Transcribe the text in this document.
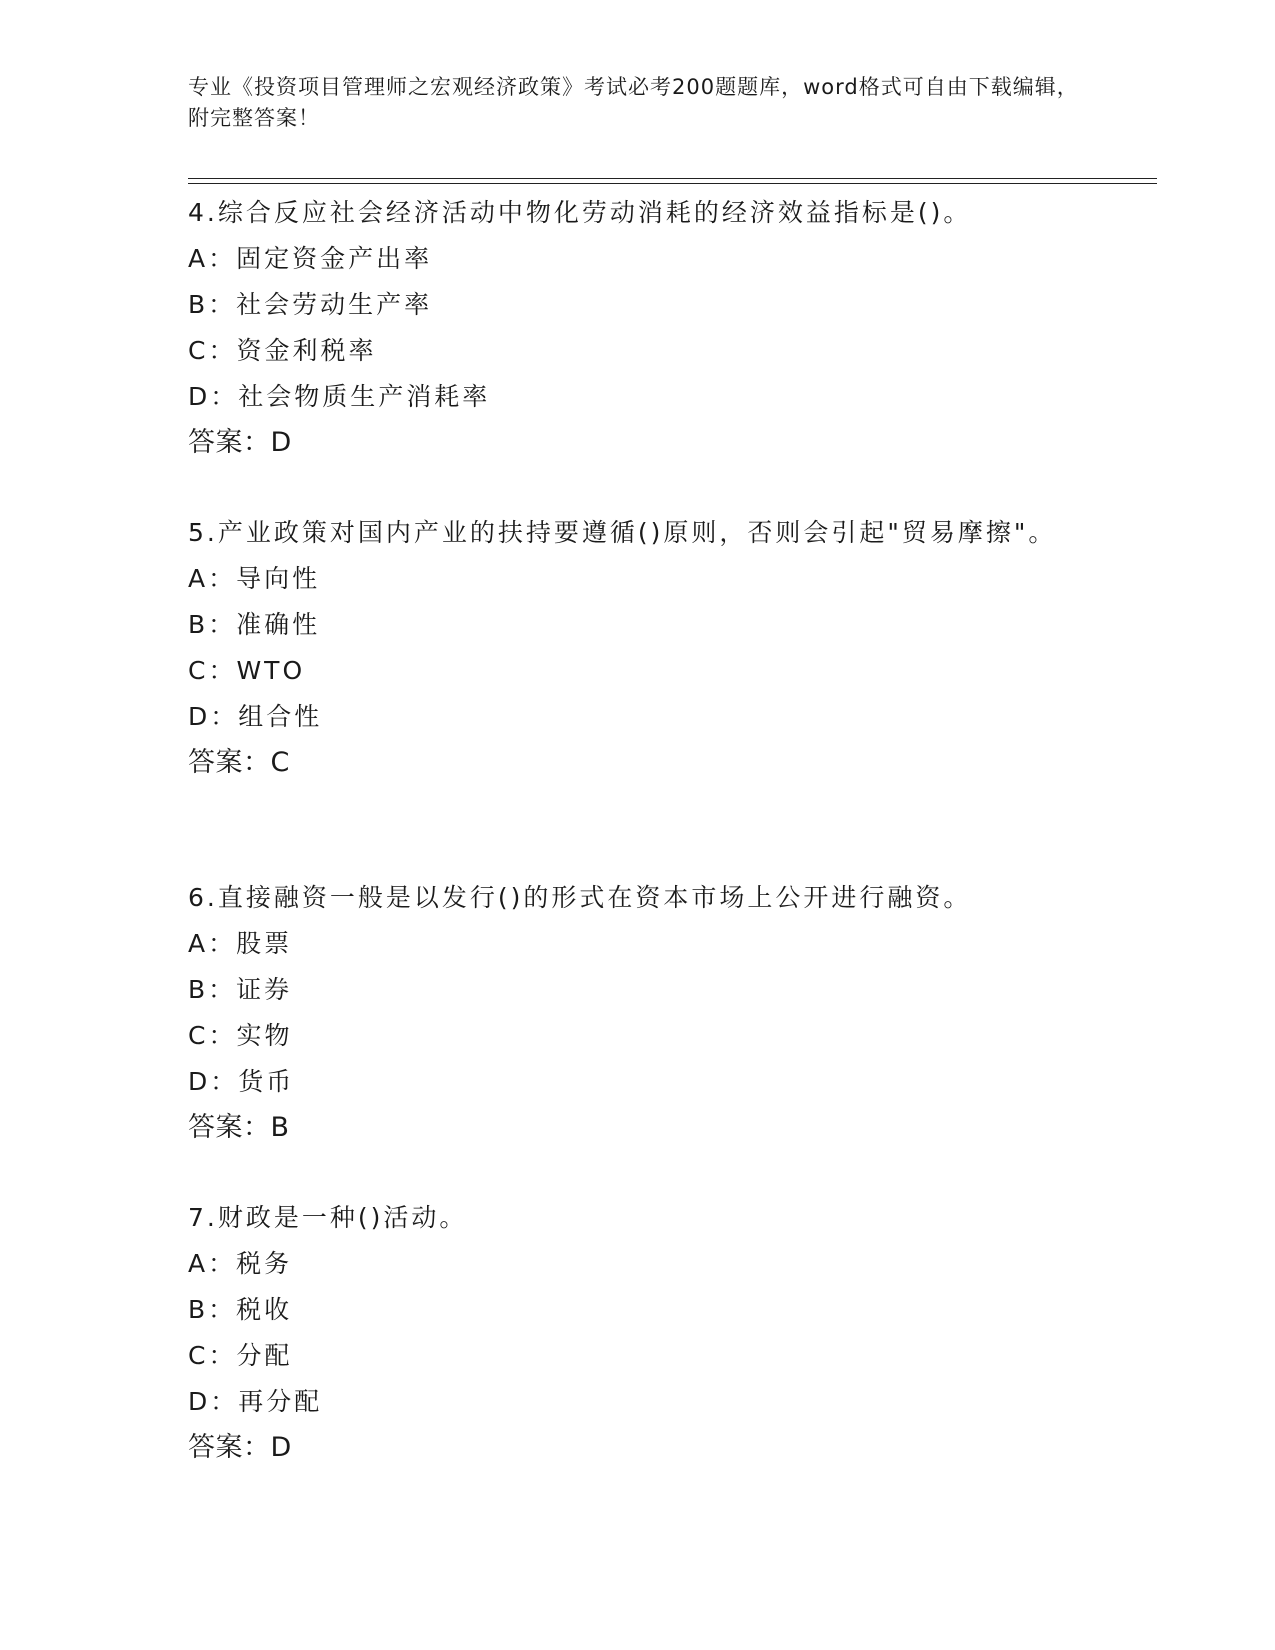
专业《投资项目管理师之宏观经济政策》考试必考200题题库，word格式可自由下载编辑，附完整答案！
4.综合反应社会经济活动中物化劳动消耗的经济效益指标是()。
A：固定资金产出率
B：社会劳动生产率
C：资金利税率
D：社会物质生产消耗率
答案：D
5.产业政策对国内产业的扶持要遵循()原则，否则会引起"贸易摩擦"。
A：导向性
B：准确性
C：WTO
D：组合性
答案：C
6.直接融资一般是以发行()的形式在资本市场上公开进行融资。
A：股票
B：证券
C：实物
D：货币
答案：B
7.财政是一种()活动。
A：税务
B：税收
C：分配
D：再分配
答案：D
